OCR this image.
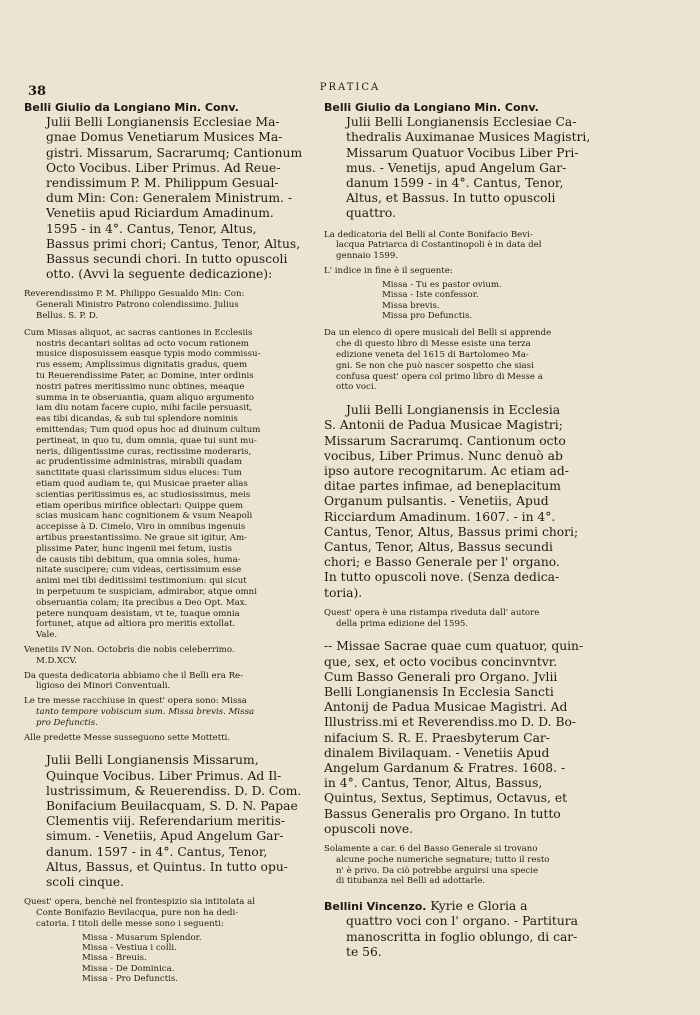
38	PRATICA

Belli Giulio da Longiano Min. Conv.
Julii Belli Longianensis Ecclesiae Ma-
gnae Domus Venetiarum Musices Ma-
gistri. Missarum, Sacrarumq; Cantionum
Octo Vocibus. Liber Primus. Ad Reue-
rendissimum P. M. Philippum Gesual-
dum Min: Con: Generalem Ministrum. -
Venetiis apud Riciardum Amadinum.
1595 - in 4°. Cantus, Tenor, Altus,
Bassus primi chori; Cantus, Tenor, Altus,
Bassus secundi chori. In tutto opuscoli
otto. (Avvi la seguente dedicazione):

Reverendissimo P. M. Philippo Gesualdo Min: Con:
Generali Ministro Patrono colendissimo. Julius
Bellus. S. P. D.

Cum Missas aliquot, ac sacras cantiones in Ecclesiis
nostris decantari solitas ad octo vocum rationem
musice disposuissem easque typis modo commissu-
rus essem; Amplissimus dignitatis gradus, quem
tu Reuerendissime Pater, ac Domine, inter ordinis
nostri patres meritissimo nunc obtines, meaque
summa in te obseruantia, quam aliquo argumento
iam diu notam facere cupio, mihi facile persuasit,
eas tibi dicandas, & sub tui splendore nominis
emittendas; Tum quod opus hoc ad diuinum cultum
pertineat, in quo tu, dum omnia, quae tui sunt mu-
neris, diligentissime curas, rectissime moderaris,
ac prudentissime administras, mirabili quadam
sanctitate quasi clarissimum sidus eluces: Tum
etiam quod audiam te, qui Musicae praeter alias
scientias peritissimus es, ac studiosissimus, meis
etiam operibus mirifice oblectari: Quippe quem
scias musicam hanc cognitionem & vsum Neapoli
accepisse à D. Cimelo, Viro in omnibus ingenuis
artibus praestantissimo. Ne graue sit igitur, Am-
plissime Pater, hunc ingenii mei fetum, iustis
de causis tibi debitum, qua omnia soles, huma-
nitate suscipere; cum videas, certissimum esse
animi mei tibi deditissimi testimonium: qui sicut
in perpetuum te suspiciam, admirabor, atque omni
obseruantia colam; ita precibus a Deo Opt. Max.
petere nunquam desistam, vt te, tuaque omnia
fortunet, atque ad altiora pro meritis extollat.
Vale.

Venetiis IV Non. Octobris die nobis celeberrimo.
M.D.XCV.

Da questa dedicatoria abbiamo che il Belli era Re-
ligioso dei Minori Conventuali.

Le tre messe racchiuse in quest' opera sono: Missa
tanto tempore vobiscum sum. Missa brevis. Missa
pro Defunctis.

Alle predette Messe susseguono sette Mottetti.

Julii Belli Longianensis Missarum,
Quinque Vocibus. Liber Primus. Ad Il-
lustrissimum, & Reuerendiss. D. D. Com.
Bonifacium Beuilacquam, S. D. N. Papae
Clementis viij. Referendarium meritis-
simum. - Venetiis, Apud Angelum Gar-
danum. 1597 - in 4°. Cantus, Tenor,
Altus, Bassus, et Quintus. In tutto opu-
scoli cinque.

Quest' opera, benchè nel frontespizio sia intitolata al
Conte Bonifazio Bevilacqua, pure non ha dedi-
catoria. I titoli delle messe sono i seguenti:

Missa - Musarum Splendor.
Missa - Vestiua i colli.
Missa - Breuis.
Missa - De Dominica.
Missa - Pro Defunctis.

Belli Giulio da Longiano Min. Conv.
Julii Belli Longianensis Ecclesiae Ca-
thedralis Auximanae Musices Magistri,
Missarum Quatuor Vocibus Liber Pri-
mus. - Venetijs, apud Angelum Gar-
danum 1599 - in 4°. Cantus, Tenor,
Altus, et Bassus. In tutto opuscoli
quattro.

La dedicatoria del Belli al Conte Bonifacio Bevi-
lacqua Patriarca di Costantinopoli è in data del
gennaio 1599.

L' indice in fine è il seguente:

Missa - Tu es pastor ovium.
Missa - Iste confessor.
Missa brevis.
Missa pro Defunctis.

Da un elenco di opere musicali del Belli si apprende
che di questo libro di Messe esiste una terza
edizione veneta del 1615 di Bartolomeo Ma-
gni. Se non che può nascer sospetto che siasi
confusa quest' opera col primo libro di Messe a
otto voci.

Julii Belli Longianensis in Ecclesia
S. Antonii de Padua Musicae Magistri;
Missarum Sacrarumq. Cantionum octo
vocibus, Liber Primus. Nunc denuò ab
ipso autore recognitarum. Ac etiam ad-
ditae partes infimae, ad beneplacitum
Organum pulsantis. - Venetiis, Apud
Ricciardum Amadinum. 1607. - in 4°.
Cantus, Tenor, Altus, Bassus primi chori;
Cantus, Tenor, Altus, Bassus secundi
chori; e Basso Generale per l' organo.
In tutto opuscoli nove. (Senza dedica-
toria).

Quest' opera è una ristampa riveduta dall' autore
della prima edizione del 1595.

-- Missae Sacrae quae cum quatuor, quin-
que, sex, et octo vocibus concinvntvr.
Cum Basso Generali pro Organo. Jvlii
Belli Longianensis In Ecclesia Sancti
Antonij de Padua Musicae Magistri. Ad
Illustriss.mi et Reverendiss.mo D. D. Bo-
nifacium S. R. E. Praesbyterum Car-
dinalem Bivilaquam. - Venetiis Apud
Angelum Gardanum & Fratres. 1608. -
in 4°. Cantus, Tenor, Altus, Bassus,
Quintus, Sextus, Septimus, Octavus, et
Bassus Generalis pro Organo. In tutto
opuscoli nove.

Solamente a car. 6 del Basso Generale si trovano
alcune poche numeriche segnature; tutto il resto
n' è privo. Da ciò potrebbe arguirsi una specie
di titubanza nel Belli ad adottarle.

Bellini Vincenzo. Kyrie e Gloria a
quattro voci con l' organo. - Partitura
manoscritta in foglio oblungo, di car-
te 56.
